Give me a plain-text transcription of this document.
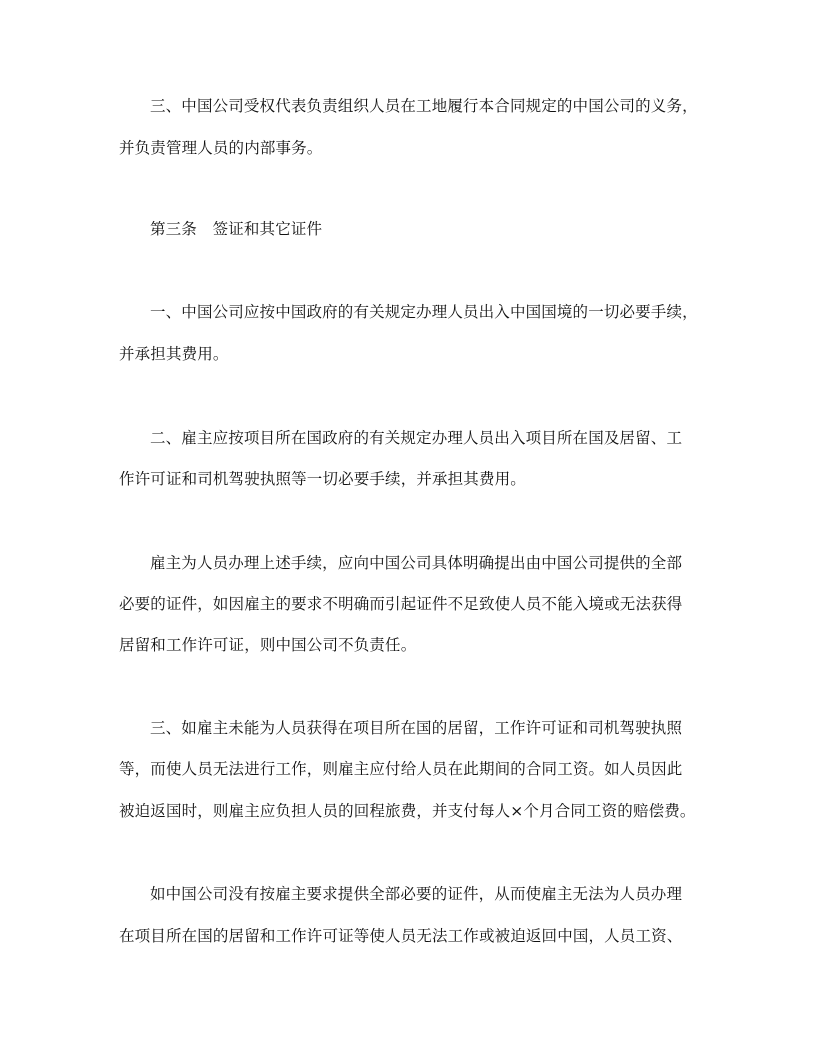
三、中国公司受权代表负责组织人员在工地履行本合同规定的中国公司的义务，
并负责管理人员的内部事务。
第三条　签证和其它证件
一、中国公司应按中国政府的有关规定办理人员出入中国国境的一切必要手续，
并承担其费用。
二、雇主应按项目所在国政府的有关规定办理人员出入项目所在国及居留、工
作许可证和司机驾驶执照等一切必要手续，并承担其费用。
雇主为人员办理上述手续，应向中国公司具体明确提出由中国公司提供的全部
必要的证件，如因雇主的要求不明确而引起证件不足致使人员不能入境或无法获得
居留和工作许可证，则中国公司不负责任。
三、如雇主未能为人员获得在项目所在国的居留，工作许可证和司机驾驶执照
等，而使人员无法进行工作，则雇主应付给人员在此期间的合同工资。如人员因此
被迫返国时，则雇主应负担人员的回程旅费，并支付每人×个月合同工资的赔偿费。
如中国公司没有按雇主要求提供全部必要的证件，从而使雇主无法为人员办理
在项目所在国的居留和工作许可证等使人员无法工作或被迫返回中国，人员工资、
